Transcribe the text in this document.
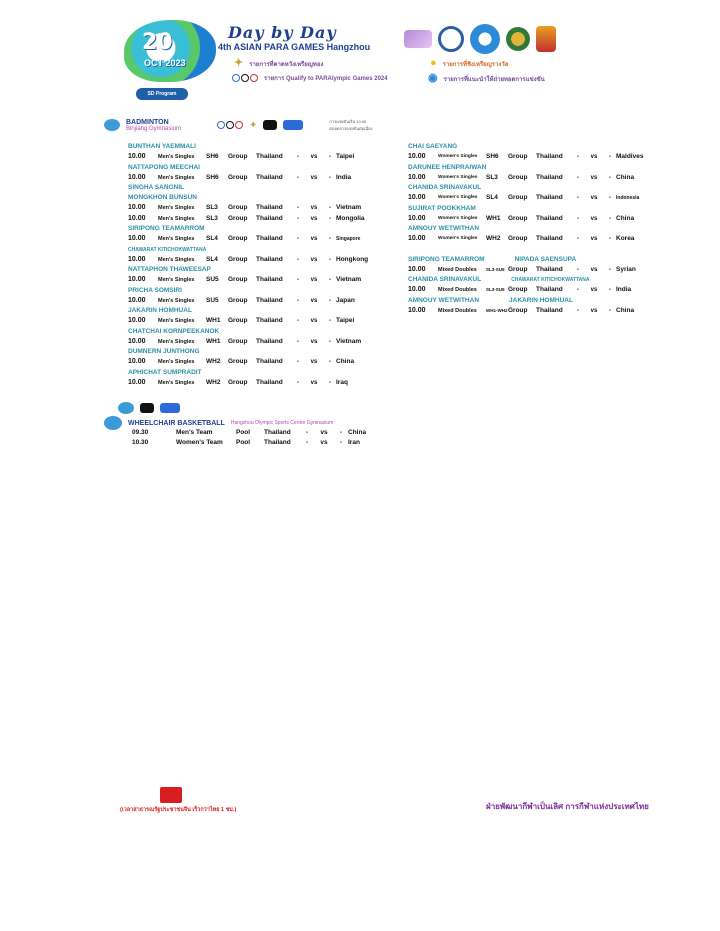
20
OCT 2023
SD Program
Day by Day
4th ASIAN PARA GAMES Hangzhou
✦ รายการที่คาดหวังเหรียญทอง
รายการ Qualify to PARAlympic Games 2024
● รายการที่ชิงเหรียญรางวัล
◉ รายการที่แนะนำให้ถ่ายทอดการแข่งขัน
BADMINTON
Binjiang Gymnasium	✦	การแข่งขันเริ่ม 10.00
ตลอดการแข่งขันต่อเนื่อง
BUNTHAN YAEMMALI
10.00	Men's Singles	SH6	Group	Thailand	-	vs	- Taipei
NATTAPONG MEECHAI
10.00	Men's Singles	SH6	Group	Thailand	-	vs	- India
SINGHA SANGNIL
MONGKHON BUNSUN
10.00	Men's Singles	SL3	Group	Thailand	-	vs	- Vietnam
10.00	Men's Singles	SL3	Group	Thailand	-	vs	- Mongolia
SIRIPONG TEAMARROM
10.00	Men's Singles	SL4	Group	Thailand	-	vs	-	Singapore
CHAWARAT KITICHOKWATTANA
10.00	Men's Singles	SL4	Group	Thailand	-	vs	- Hongkong
NATTAPHON THAWEESAP
10.00	Men's Singles	SU5	Group	Thailand	-	vs	- Vietnam
PRICHA SOMSIRI
10.00	Men's Singles	SU5	Group	Thailand	-	vs	- Japan
JAKARIN HOMHUAL
10.00	Men's Singles	WH1	Group	Thailand	-	vs	- Taipei
CHATCHAI KORNPEEKANOK
10.00	Men's Singles	WH1	Group	Thailand	-	vs	- Vietnam
DUMNERN JUNTHONG
10.00	Men's Singles	WH2	Group	Thailand	-	vs	- China
APHICHAT SUMPRADIT
10.00	Men's Singles	WH2	Group	Thailand	-	vs	- Iraq
CHAI SAEYANG
10.00	Women's Singles	SH6	Group	Thailand	-	vs	- Maldives
DARUNEE HENPRAIWAN
10.00	Women's Singles	SL3	Group	Thailand	-	vs	- China
CHANIDA SRINAVAKUL
10.00	Women's Singles	SL4	Group	Thailand	-	vs	-	Indonesia
SUJIRAT POOKKHAM
10.00	Women's Singles	WH1	Group	Thailand	-	vs	- China
AMNOUY WETWITHAN
10.00	Women's Singles	WH2	Group	Thailand	-	vs	- Korea
SIRIPONG TEAMARROM	NIPADA SAENSUPA
10.00	Mixed Doubles	SL3-SU5 Group	Thailand	-	vs	- Syrian
CHANIDA SRINAVAKUL	CHAWARAT KITICHOKWATTANA
10.00	Mixed Doubles	SL3-SU5 Group	Thailand	-	vs	- India
AMNOUY WETWITHAN	JAKARIN HOMHUAL
10.00	Mixed Doubles	WH1-WH2 Group	Thailand	-	vs	- China
WHEELCHAIR BASKETBALL Hangzhou Olympic Sports Centre Gymnasium
09.30	Men's Team	Pool	Thailand	-	vs	- China
10.30	Women's Team	Pool	Thailand	-	vs	- Iran
(เวลาสาธารณรัฐประชาชนจีน เร็วกว่าไทย 1 ชม.)	ฝ่ายพัฒนากีฬาเป็นเลิศ การกีฬาแห่งประเทศไทย
